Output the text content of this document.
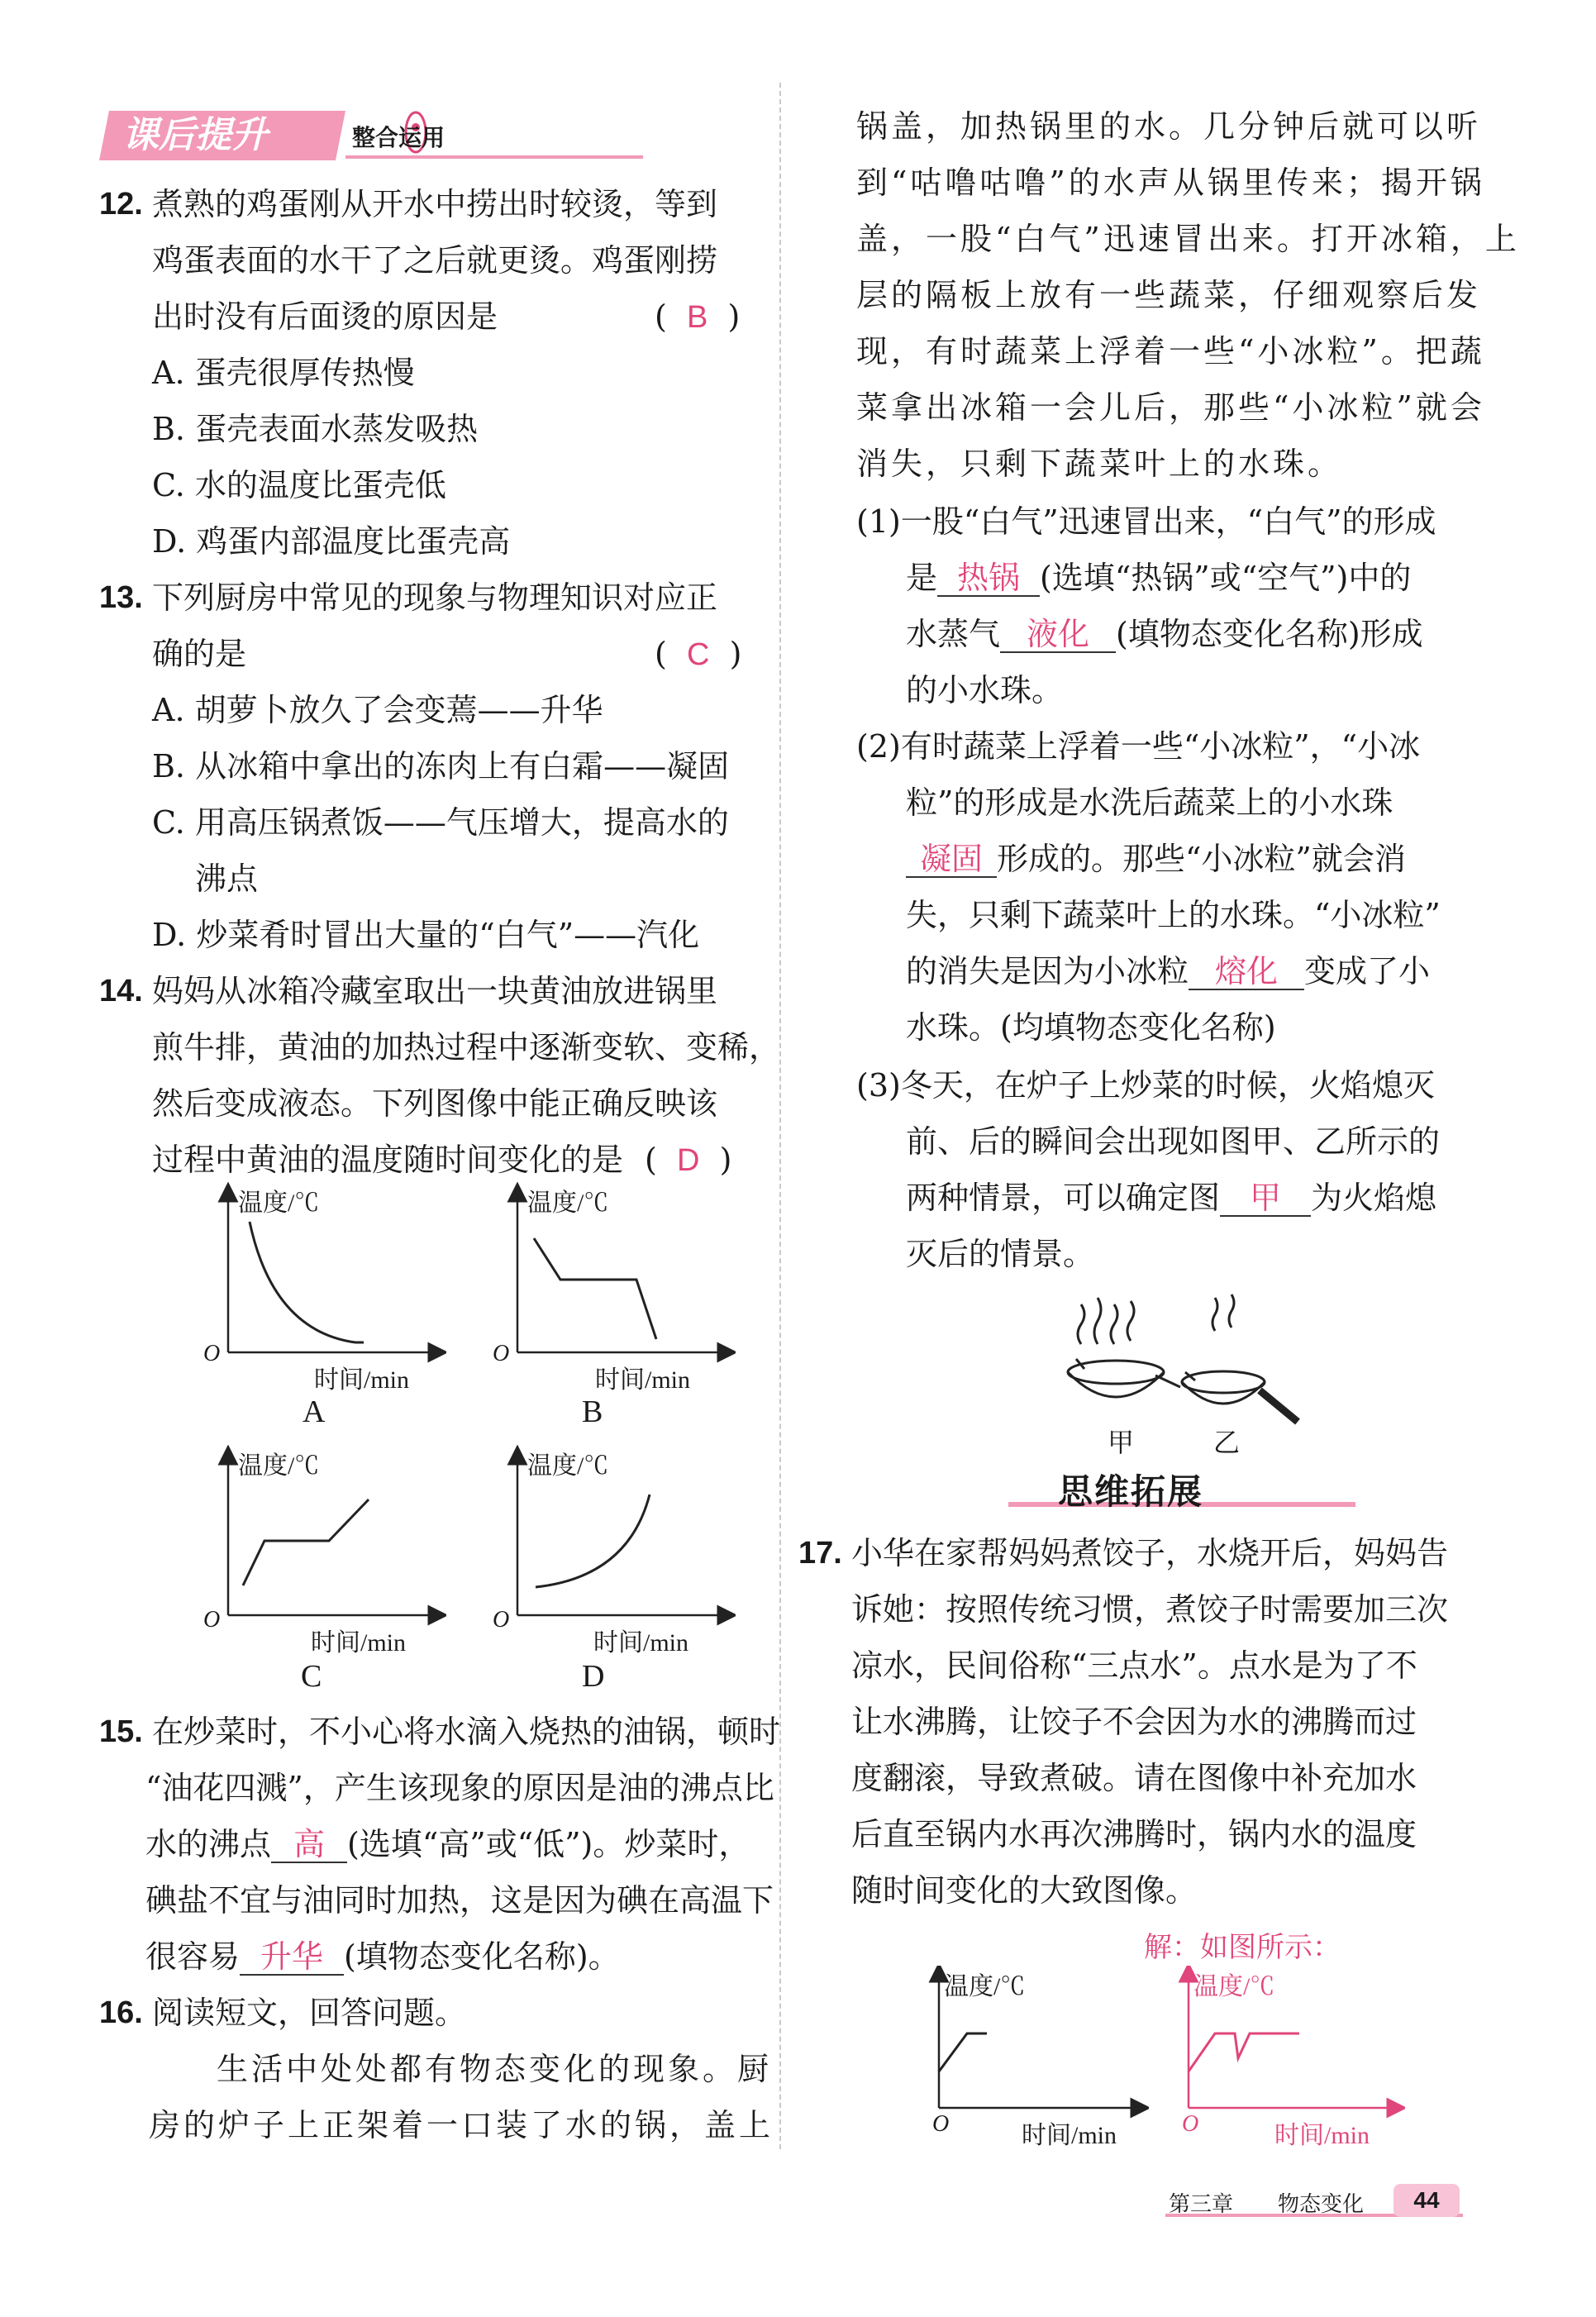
课后提升	整合运用
12. 煮熟的鸡蛋刚从开水中捞出时较烫，等到
鸡蛋表面的水干了之后就更烫。鸡蛋刚捞
出时没有后面烫的原因是	(  B  )
A. 蛋壳很厚传热慢
B. 蛋壳表面水蒸发吸热
C. 水的温度比蛋壳低
D. 鸡蛋内部温度比蛋壳高
13. 下列厨房中常见的现象与物理知识对应正
确的是	(  C  )
A. 胡萝卜放久了会变蔫——升华
B. 从冰箱中拿出的冻肉上有白霜——凝固
C. 用高压锅煮饭——气压增大，提高水的
沸点
D. 炒菜肴时冒出大量的“白气”——汽化
14. 妈妈从冰箱冷藏室取出一块黄油放进锅里
煎牛排，黄油的加热过程中逐渐变软、变稀，
然后变成液态。下列图像中能正确反映该
过程中黄油的温度随时间变化的是 (  D  )
温度/℃
O
时间/min
A
温度/℃
O
时间/min
B
温度/℃
O
时间/min
C
温度/℃
O
时间/min
D
15. 在炒菜时，不小心将水滴入烧热的油锅，顿时
“油花四溅”，产生该现象的原因是油的沸点比
水的沸点 高 (选填“高”或“低”)。炒菜时，
碘盐不宜与油同时加热，这是因为碘在高温下
很容易 升华 (填物态变化名称)。
16. 阅读短文，回答问题。
生活中处处都有物态变化的现象。厨
房的炉子上正架着一口装了水的锅，盖上
锅盖，加热锅里的水。几分钟后就可以听
到“咕噜咕噜”的水声从锅里传来；揭开锅
盖，一股“白气”迅速冒出来。打开冰箱，上
层的隔板上放有一些蔬菜，仔细观察后发
现，有时蔬菜上浮着一些“小冰粒”。把蔬
菜拿出冰箱一会儿后，那些“小冰粒”就会
消失，只剩下蔬菜叶上的水珠。
(1)一股“白气”迅速冒出来，“白气”的形成
是 热锅 (选填“热锅”或“空气”)中的
水蒸气 液化 (填物态变化名称)形成
的小水珠。
(2)有时蔬菜上浮着一些“小冰粒”，“小冰
粒”的形成是水洗后蔬菜上的小水珠
凝固 形成的。那些“小冰粒”就会消
失，只剩下蔬菜叶上的水珠。“小冰粒”
的消失是因为小冰粒 熔化 变成了小
水珠。(均填物态变化名称)
(3)冬天，在炉子上炒菜的时候，火焰熄灭
前、后的瞬间会出现如图甲、乙所示的
两种情景，可以确定图 甲 为火焰熄
灭后的情景。
甲	乙
思维拓展
17. 小华在家帮妈妈煮饺子，水烧开后，妈妈告
诉她：按照传统习惯，煮饺子时需要加三次
凉水，民间俗称“三点水”。点水是为了不
让水沸腾，让饺子不会因为水的沸腾而过
度翻滚，导致煮破。请在图像中补充加水
后直至锅内水再次沸腾时，锅内水的温度
随时间变化的大致图像。
解：如图所示：
温度/℃
O	时间/min
温度/℃
O	时间/min
第三章 物态变化	44
